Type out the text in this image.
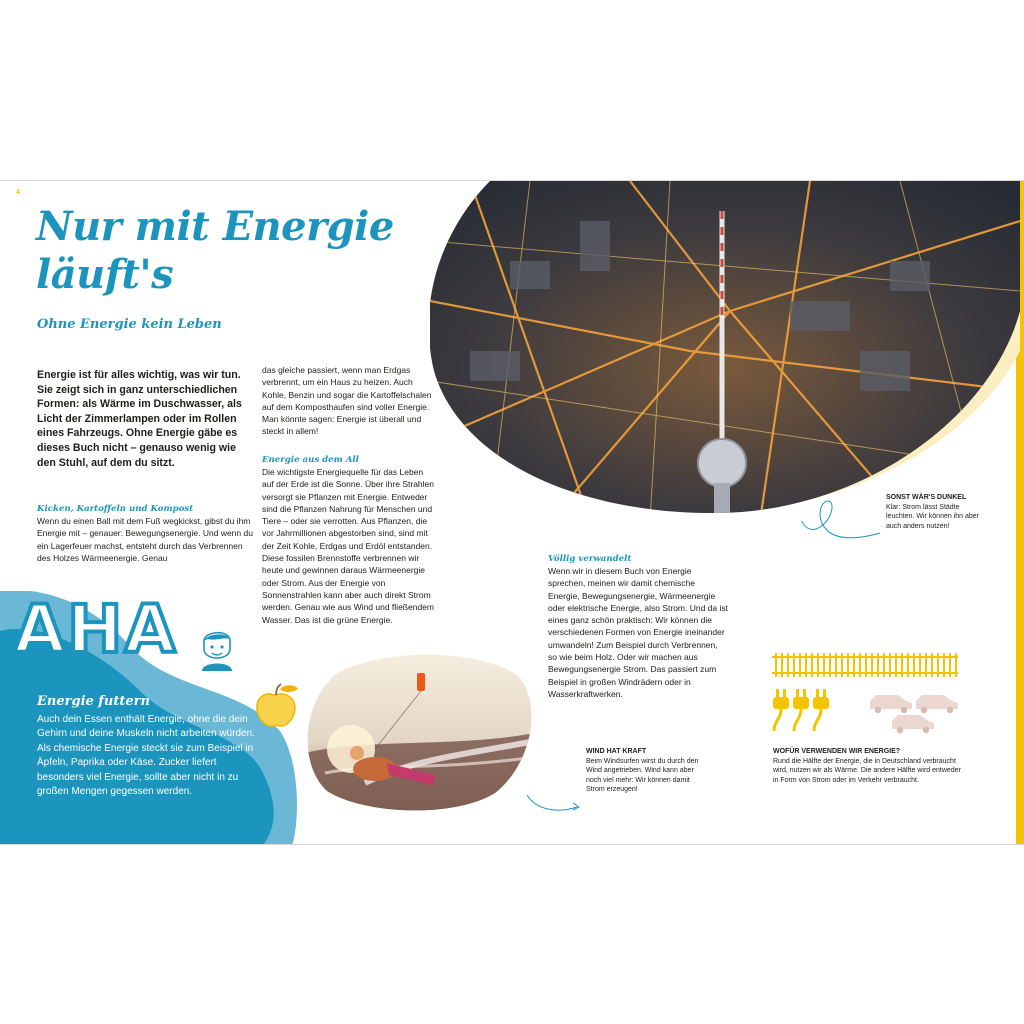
4
Nur mit Energie läuft's
Ohne Energie kein Leben

Energie ist für alles wichtig, was wir tun. Sie zeigt sich in ganz unterschiedlichen Formen: als Wärme im Duschwasser, als Licht der Zimmerlampen oder im Rollen eines Fahrzeugs. Ohne Energie gäbe es dieses Buch nicht – genauso wenig wie den Stuhl, auf dem du sitzt.

Kicken, Kartoffeln und Kompost

Wenn du einen Ball mit dem Fuß wegkickst, gibst du ihm Energie mit – genauer: Bewegungsenergie. Und wenn du ein Lagerfeuer machst, entsteht durch das Verbrennen des Holzes Wärmeenergie. Genau

das gleiche passiert, wenn man Erdgas verbrennt, um ein Haus zu heizen. Auch Kohle, Benzin und sogar die Kartoffelschalen auf dem Komposthaufen sind voller Energie. Man könnte sagen: Energie ist überall und steckt in allem!

Energie aus dem All

Die wichtigste Energiequelle für das Leben auf der Erde ist die Sonne. Über ihre Strahlen versorgt sie Pflanzen mit Energie. Entweder sind die Pflanzen Nahrung für Menschen und Tiere – oder sie verrotten. Aus Pflanzen, die vor Jahrmillionen abgestorben sind, sind mit der Zeit Kohle, Erdgas und Erdöl entstanden. Diese fossilen Brennstoffe verbrennen wir heute und gewinnen daraus Wärmeenergie oder Strom. Aus der Energie von Sonnenstrahlen kann aber auch direkt Strom werden. Genau wie aus Wind und fließendem Wasser. Das ist die grüne Energie.

AHA
Energie futtern

Auch dein Essen enthält Energie, ohne die dein Gehirn und deine Muskeln nicht arbeiten würden. Als chemische Energie steckt sie zum Beispiel in Äpfeln, Paprika oder Käse. Zucker liefert besonders viel Energie, sollte aber nicht in zu großen Mengen gegessen werden.

WIND HAT KRAFT
Beim Windsurfen wirst du durch den Wind angetrieben. Wind kann aber noch viel mehr: Wir können damit Strom erzeugen!
Völlig verwandelt

Wenn wir in diesem Buch von Energie sprechen, meinen wir damit chemische Energie, Bewegungsenergie, Wärmeenergie oder elektrische Energie, also Strom. Und da ist eines ganz schön praktisch: Wir können die verschiedenen Formen von Energie ineinander umwandeln! Zum Beispiel durch Verbrennen, so wie beim Holz. Oder wir machen aus Bewegungsenergie Strom. Das passiert zum Beispiel in großen Windrädern oder in Wasserkraftwerken.

SONST WÄR'S DUNKEL
Klar: Strom lässt Städte leuchten. Wir können ihn aber auch anders nutzen!
WOFÜR VERWENDEN WIR ENERGIE?
Rund die Hälfte der Energie, die in Deutschland verbraucht wird, nutzen wir als Wärme. Die andere Hälfte wird entweder in Form von Strom oder im Verkehr verbraucht.
